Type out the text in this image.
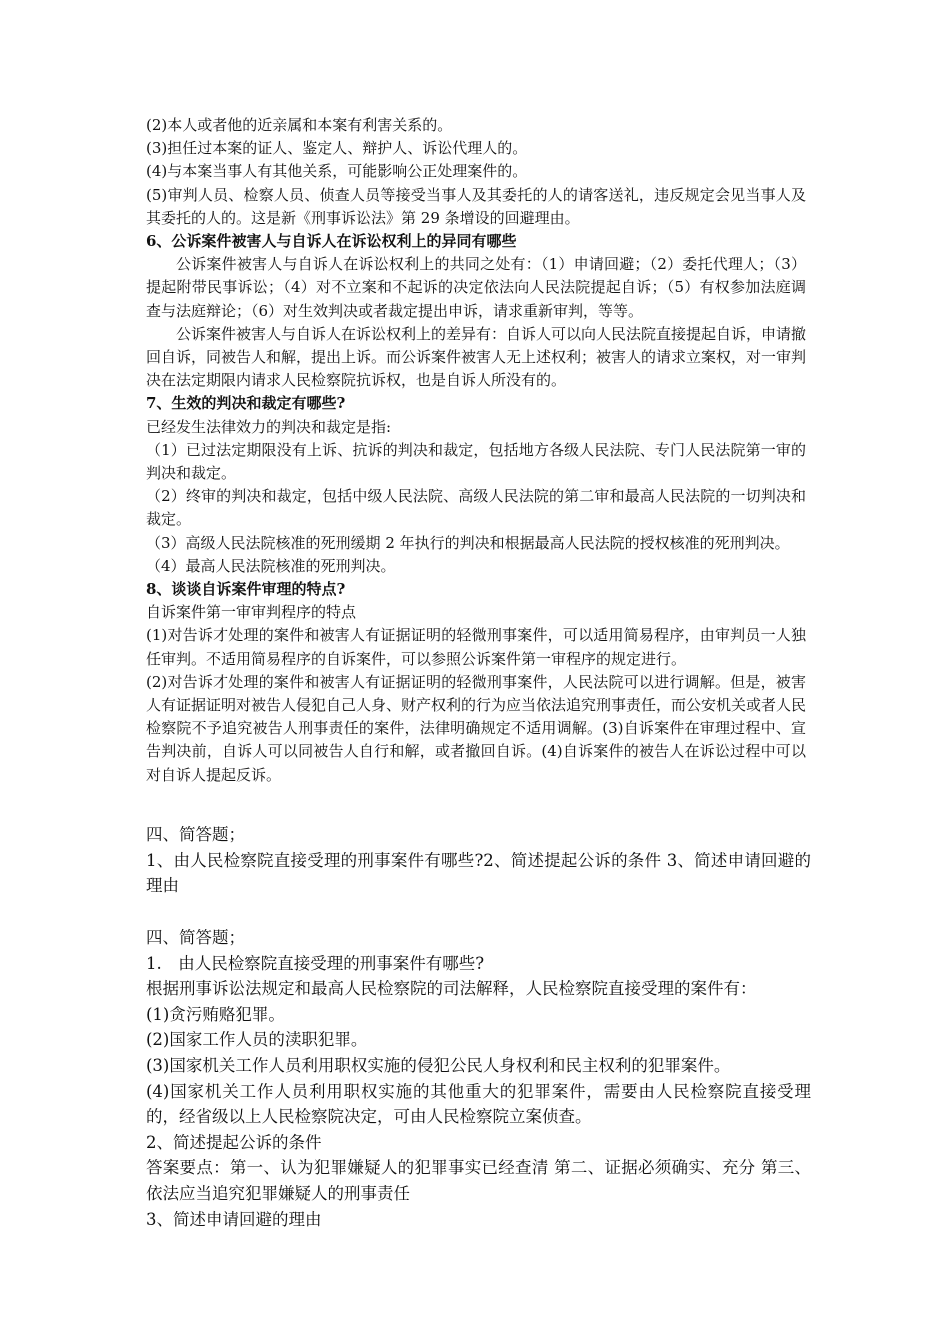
(2)本人或者他的近亲属和本案有利害关系的。

(3)担任过本案的证人、鉴定人、辩护人、诉讼代理人的。

(4)与本案当事人有其他关系，可能影响公正处理案件的。

(5)审判人员、检察人员、侦查人员等接受当事人及其委托的人的请客送礼，违反规定会见当事人及其委托的人的。这是新《刑事诉讼法》第 29 条增设的回避理由。

6、公诉案件被害人与自诉人在诉讼权利上的异同有哪些

公诉案件被害人与自诉人在诉讼权利上的共同之处有：（1）申请回避；（2）委托代理人；（3）提起附带民事诉讼；（4）对不立案和不起诉的决定依法向人民法院提起自诉；（5）有权参加法庭调查与法庭辩论；（6）对生效判决或者裁定提出申诉，请求重新审判，等等。

公诉案件被害人与自诉人在诉讼权利上的差异有：自诉人可以向人民法院直接提起自诉，申请撤回自诉，同被告人和解，提出上诉。而公诉案件被害人无上述权利；被害人的请求立案权，对一审判决在法定期限内请求人民检察院抗诉权，也是自诉人所没有的。

7、生效的判决和裁定有哪些?

已经发生法律效力的判决和裁定是指:

（1）已过法定期限没有上诉、抗诉的判决和裁定，包括地方各级人民法院、专门人民法院第一审的判决和裁定。

（2）终审的判决和裁定，包括中级人民法院、高级人民法院的第二审和最高人民法院的一切判决和裁定。

（3）高级人民法院核准的死刑缓期 2 年执行的判决和根据最高人民法院的授权核准的死刑判决。

（4）最高人民法院核准的死刑判决。

8、谈谈自诉案件审理的特点?

自诉案件第一审审判程序的特点

(1)对告诉才处理的案件和被害人有证据证明的轻微刑事案件，可以适用简易程序，由审判员一人独任审判。不适用简易程序的自诉案件，可以参照公诉案件第一审程序的规定进行。

(2)对告诉才处理的案件和被害人有证据证明的轻微刑事案件，人民法院可以进行调解。但是，被害人有证据证明对被告人侵犯自己人身、财产权利的行为应当依法追究刑事责任，而公安机关或者人民检察院不予追究被告人刑事责任的案件，法律明确规定不适用调解。(3)自诉案件在审理过程中、宣告判决前，自诉人可以同被告人自行和解，或者撤回自诉。(4)自诉案件的被告人在诉讼过程中可以对自诉人提起反诉。

四、简答题；

1、由人民检察院直接受理的刑事案件有哪些?2、简述提起公诉的条件 3、简述申请回避的理由

四、简答题；

1.　由人民检察院直接受理的刑事案件有哪些?

根据刑事诉讼法规定和最高人民检察院的司法解释，人民检察院直接受理的案件有：

(1)贪污贿赂犯罪。

(2)国家工作人员的渎职犯罪。

(3)国家机关工作人员利用职权实施的侵犯公民人身权利和民主权利的犯罪案件。

(4)国家机关工作人员利用职权实施的其他重大的犯罪案件，需要由人民检察院直接受理的，经省级以上人民检察院决定，可由人民检察院立案侦查。

2、简述提起公诉的条件

答案要点：第一、认为犯罪嫌疑人的犯罪事实已经查清 第二、证据必须确实、充分 第三、依法应当追究犯罪嫌疑人的刑事责任

3、简述申请回避的理由
